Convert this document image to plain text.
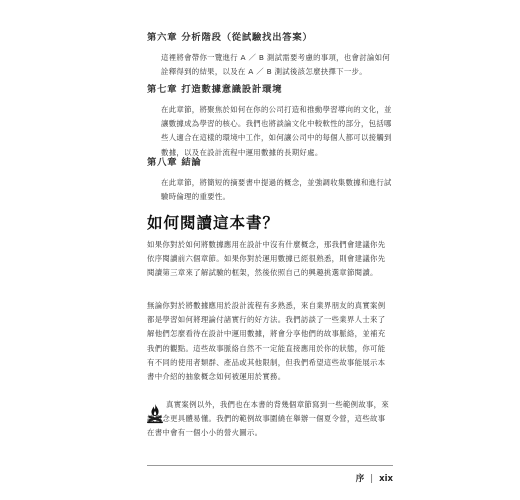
第六章 分析階段（從試驗找出答案）
這裡將會帶你一覽進行 A ／ B 測試需要考慮的事項，也會討論如何詮釋得到的結果，以及在 A ／ B 測試後該怎麼抉擇下一步。
第七章 打造數據意識設計環境
在此章節，將聚焦於如何在你的公司打造和推動學習導向的文化，並讓數據成為學習的核心。我們也將談論文化中較軟性的部分，包括哪些人適合在這樣的環境中工作，如何讓公司中的每個人都可以接觸到數據，以及在設計流程中運用數據的長期好處。
第八章 結論
在此章節，將簡短的摘要書中提過的概念，並強調收集數據和進行試驗時倫理的重要性。
如何閱讀這本書？
如果你對於如何將數據應用在設計中沒有什麼概念，那我們會建議你先依序閱讀前六個章節。如果你對於運用數據已經很熟悉，則會建議你先閱讀第三章來了解試驗的框架，然後依照自己的興趣挑選章節閱讀。
無論你對於將數據應用於設計流程有多熟悉，來自業界朋友的真實案例都是學習如何將理論付諸實行的好方法。我們訪談了一些業界人士來了解他們怎麼看待在設計中運用數據，將會分享他們的故事脈絡，並補充我們的觀點。這些故事脈絡自然不一定能直接應用於你的狀態，你可能有不同的使用者類群、產品或其他限制，但我們希望這些故事能展示本書中介紹的抽象概念如何被運用於實務。
真實案例以外，我們也在本書的背幾個章節寫到一些範例故事，來讓概念更具體易懂。我們的範例故事圍繞在舉辦一個夏令營，這些故事在書中會有一個小小的營火圖示。
序 | xix
